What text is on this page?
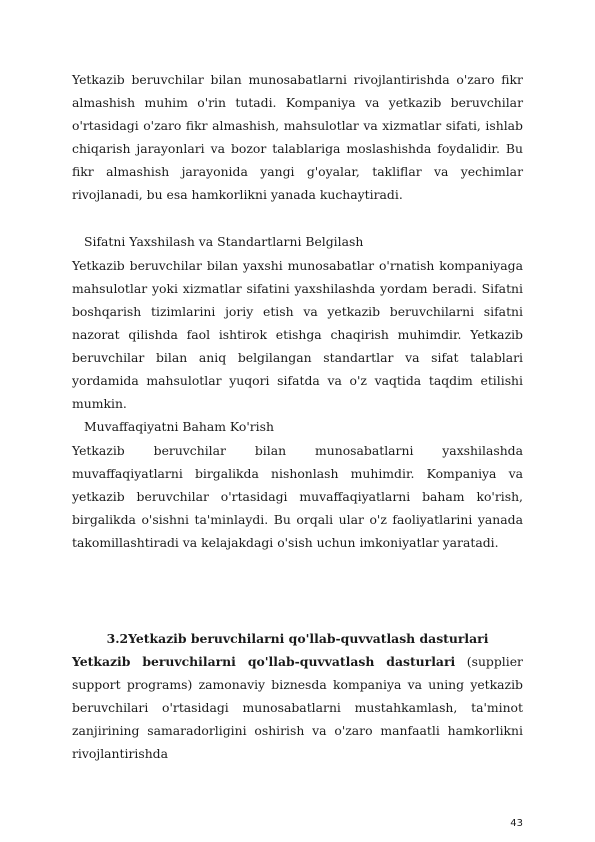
Yetkazib beruvchilar bilan munosabatlarni rivojlantirishda o'zaro fikr almashish muhim o'rin tutadi. Kompaniya va yetkazib beruvchilar o'rtasidagi o'zaro fikr almashish, mahsulotlar va xizmatlar sifati, ishlab chiqarish jarayonlari va bozor talablariga moslashishda foydalidir. Bu fikr almashish jarayonida yangi g'oyalar, takliflar va yechimlar rivojlanadi, bu esa hamkorlikni yanada kuchaytiradi.

Sifatni Yaxshilash va Standartlarni Belgilash

Yetkazib beruvchilar bilan yaxshi munosabatlar o'rnatish kompaniyaga mahsulotlar yoki xizmatlar sifatini yaxshilashda yordam beradi. Sifatni boshqarish tizimlarini joriy etish va yetkazib beruvchilarni sifatni nazorat qilishda faol ishtirok etishga chaqirish muhimdir. Yetkazib beruvchilar bilan aniq belgilangan standartlar va sifat talablari yordamida mahsulotlar yuqori sifatda va o'z vaqtida taqdim etilishi mumkin.

Muvaffaqiyatni Baham Ko'rish

Yetkazib beruvchilar bilan munosabatlarni yaxshilashda muvaffaqiyatlarni birgalikda nishonlash muhimdir. Kompaniya va yetkazib beruvchilar o'rtasidagi muvaffaqiyatlarni baham ko'rish, birgalikda o'sishni ta'minlaydi. Bu orqali ular o'z faoliyatlarini yanada takomillashtiradi va kelajakdagi o'sish uchun imkoniyatlar yaratadi.

3.2Yetkazib beruvchilarni qo'llab-quvvatlash dasturlari

Yetkazib beruvchilarni qo'llab-quvvatlash dasturlari (supplier support programs) zamonaviy biznesda kompaniya va uning yetkazib beruvchilari o'rtasidagi munosabatlarni mustahkamlash, ta'minot zanjirining samaradorligini oshirish va o'zaro manfaatli hamkorlikni rivojlantirishda

43
